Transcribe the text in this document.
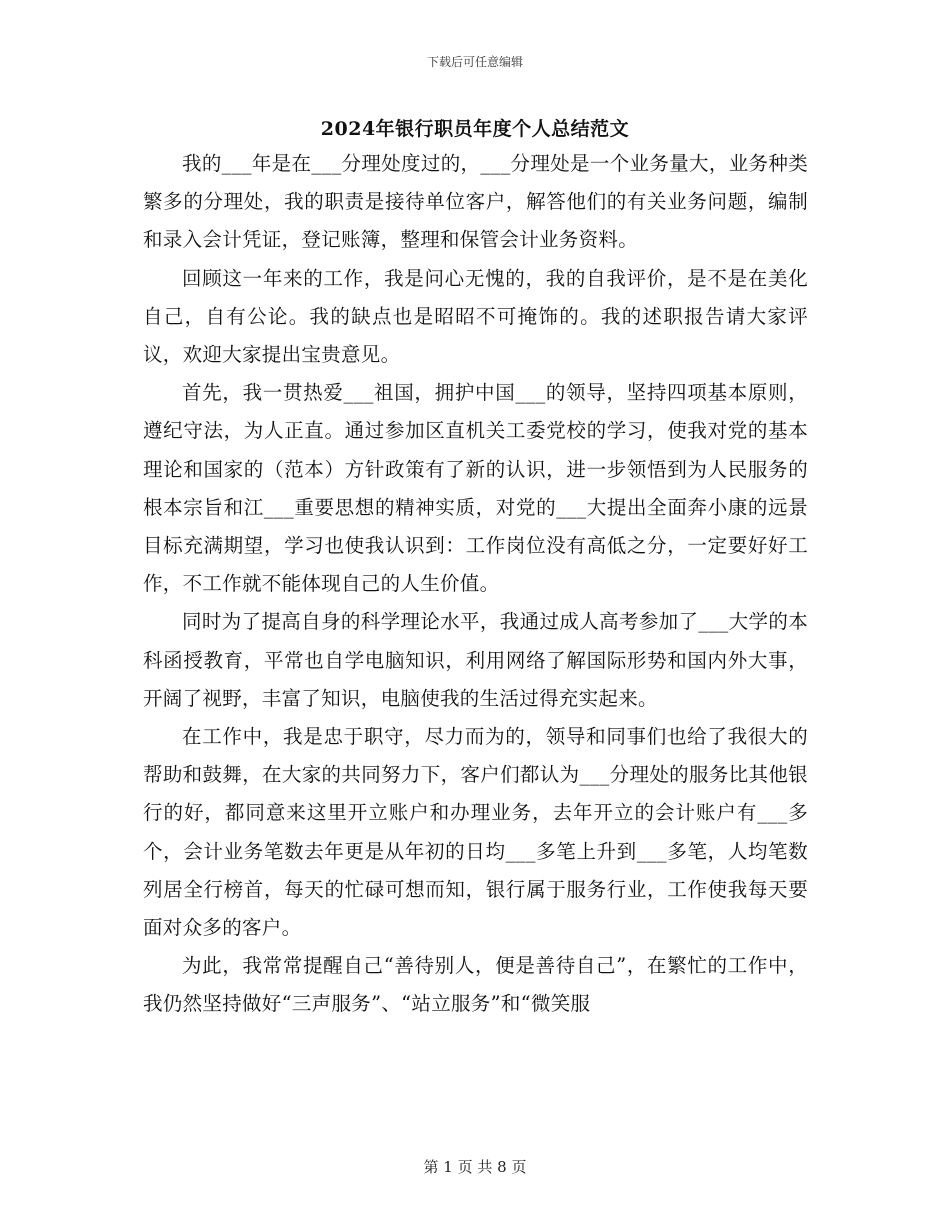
下载后可任意编辑
2024年银行职员年度个人总结范文

我的___年是在___分理处度过的，___分理处是一个业务量大，业务种类繁多的分理处，我的职责是接待单位客户，解答他们的有关业务问题，编制和录入会计凭证，登记账簿，整理和保管会计业务资料。

回顾这一年来的工作，我是问心无愧的，我的自我评价，是不是在美化自己，自有公论。我的缺点也是昭昭不可掩饰的。我的述职报告请大家评议，欢迎大家提出宝贵意见。

首先，我一贯热爱___祖国，拥护中国___的领导，坚持四项基本原则，遵纪守法，为人正直。通过参加区直机关工委党校的学习，使我对党的基本理论和国家的（范本）方针政策有了新的认识，进一步领悟到为人民服务的根本宗旨和江___重要思想的精神实质，对党的___大提出全面奔小康的远景目标充满期望，学习也使我认识到：工作岗位没有高低之分，一定要好好工作，不工作就不能体现自己的人生价值。

同时为了提高自身的科学理论水平，我通过成人高考参加了___大学的本科函授教育，平常也自学电脑知识，利用网络了解国际形势和国内外大事，开阔了视野，丰富了知识，电脑使我的生活过得充实起来。

在工作中，我是忠于职守，尽力而为的，领导和同事们也给了我很大的帮助和鼓舞，在大家的共同努力下，客户们都认为___分理处的服务比其他银行的好，都同意来这里开立账户和办理业务，去年开立的会计账户有___多个，会计业务笔数去年更是从年初的日均___多笔上升到___多笔，人均笔数列居全行榜首，每天的忙碌可想而知，银行属于服务行业，工作使我每天要面对众多的客户。

为此，我常常提醒自己“善待别人，便是善待自己”，在繁忙的工作中，我仍然坚持做好“三声服务”、“站立服务”和“微笑服

第 1 页 共 8 页
